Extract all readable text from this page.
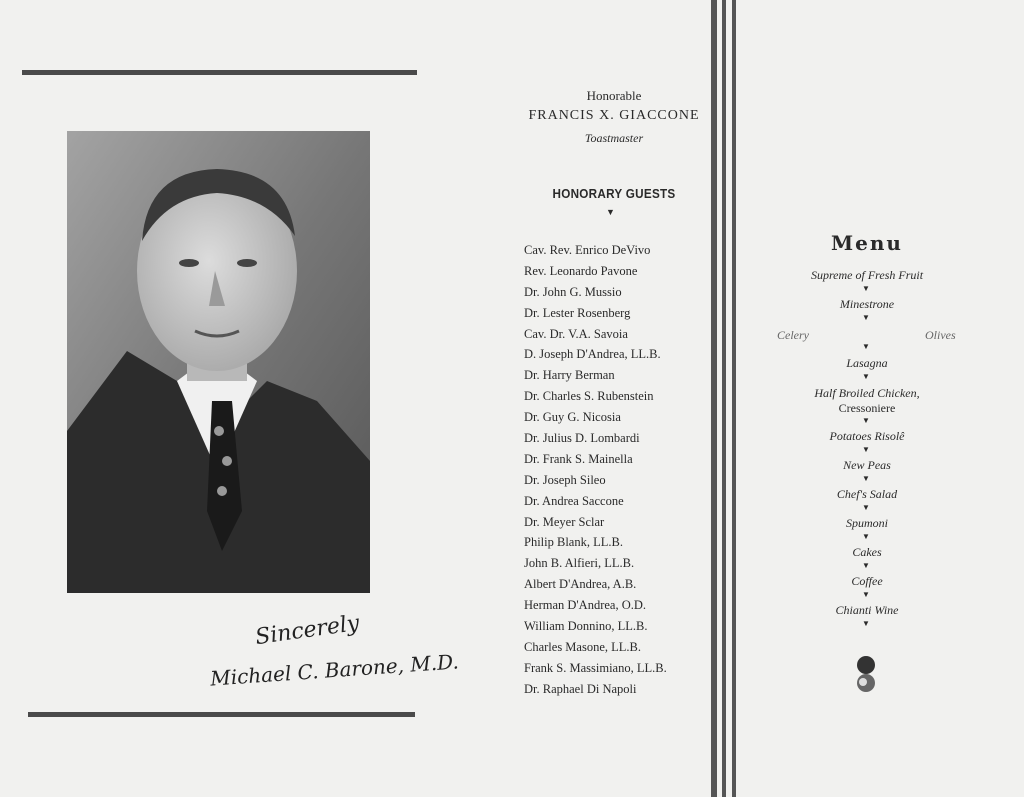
Sincerely
Michael C. Barone, M.D.
Honorable
FRANCIS X. GIACCONE
Toastmaster
HONORARY GUESTS
▼
Cav. Rev. Enrico DeVivo
Rev. Leonardo Pavone
Dr. John G. Mussio
Dr. Lester Rosenberg
Cav. Dr. V.A. Savoia
D. Joseph D'Andrea, LL.B.
Dr. Harry Berman
Dr. Charles S. Rubenstein
Dr. Guy G. Nicosia
Dr. Julius D. Lombardi
Dr. Frank S. Mainella
Dr. Joseph Sileo
Dr. Andrea Saccone
Dr. Meyer Sclar
Philip Blank, LL.B.
John B. Alfieri, LL.B.
Albert D'Andrea, A.B.
Herman D'Andrea, O.D.
William Donnino, LL.B.
Charles Masone, LL.B.
Frank S. Massimiano, LL.B.
Dr. Raphael Di Napoli
Menu
Supreme of Fresh Fruit
▼
Minestrone
▼
Celery	Olives
▼
Lasagna
▼
Half Broiled Chicken,
Cressoniere
▼
Potatoes Risolê
▼
New Peas
▼
Chef's Salad
▼
Spumoni
▼
Cakes
▼
Coffee
▼
Chianti Wine
▼
